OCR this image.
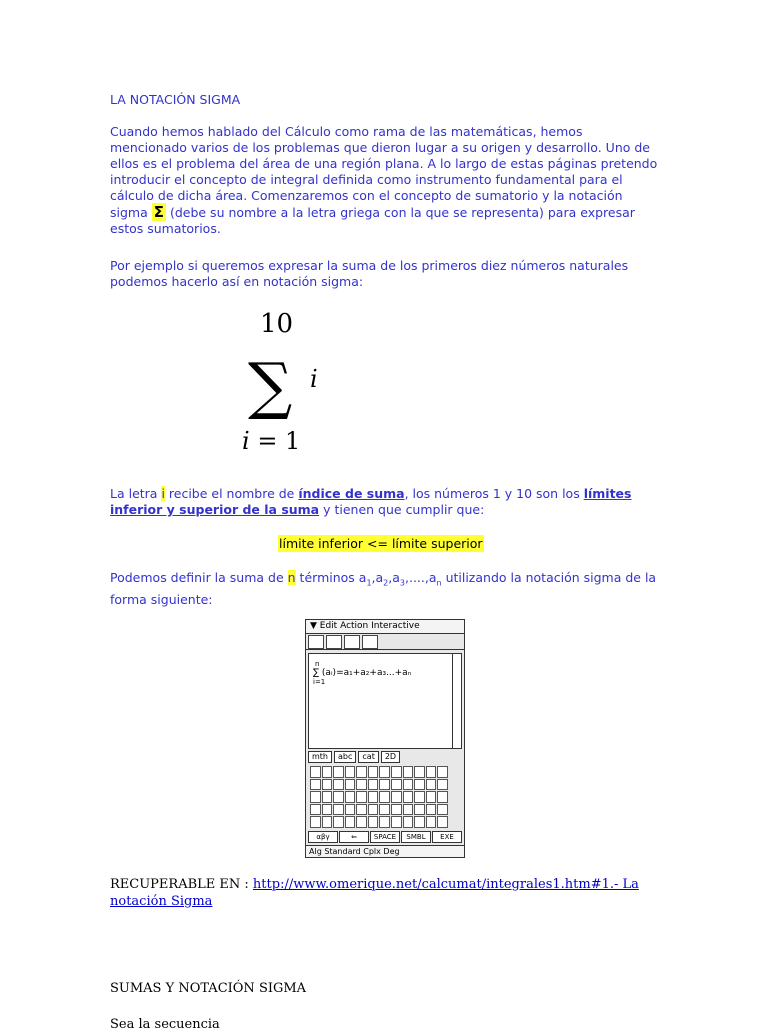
LA NOTACIÓN SIGMA
Cuando hemos hablado del Cálculo como rama de las matemáticas, hemos mencionado varios de los problemas que dieron lugar a su origen y desarrollo. Uno de ellos es el problema del área de una región plana. A lo largo de estas páginas pretendo introducir el concepto de integral definida como instrumento fundamental para el cálculo de dicha área. Comenzaremos con el concepto de sumatorio y la notación sigma Σ (debe su nombre a la letra griega con la que se representa) para expresar estos sumatorios.
Por ejemplo si queremos expresar la suma de los primeros diez números naturales podemos hacerlo así en notación sigma:
La letra i recibe el nombre de índice de suma, los números 1 y 10 son los límites inferior y superior de la suma y tienen que cumplir que:
límite inferior <= límite superior
Podemos definir la suma de n términos $a_1,a_2,a_3,....,a_n$ utilizando la notación sigma de la forma siguiente:
RECUPERABLE EN : http://www.omerique.net/calcumat/integrales1.htm#1.- La notación Sigma
SUMAS Y NOTACIÓN SIGMA
Sea la secuencia
10
∑ i
i = 1
▼ Edit Action Interactive
n
∑ (aᵢ)=a₁+a₂+a₃...+aₙ
i=1
mth	abc	cat	2D
αβγ	⇐	SPACE	SMBL	EXE
Alg Standard Cplx Deg
